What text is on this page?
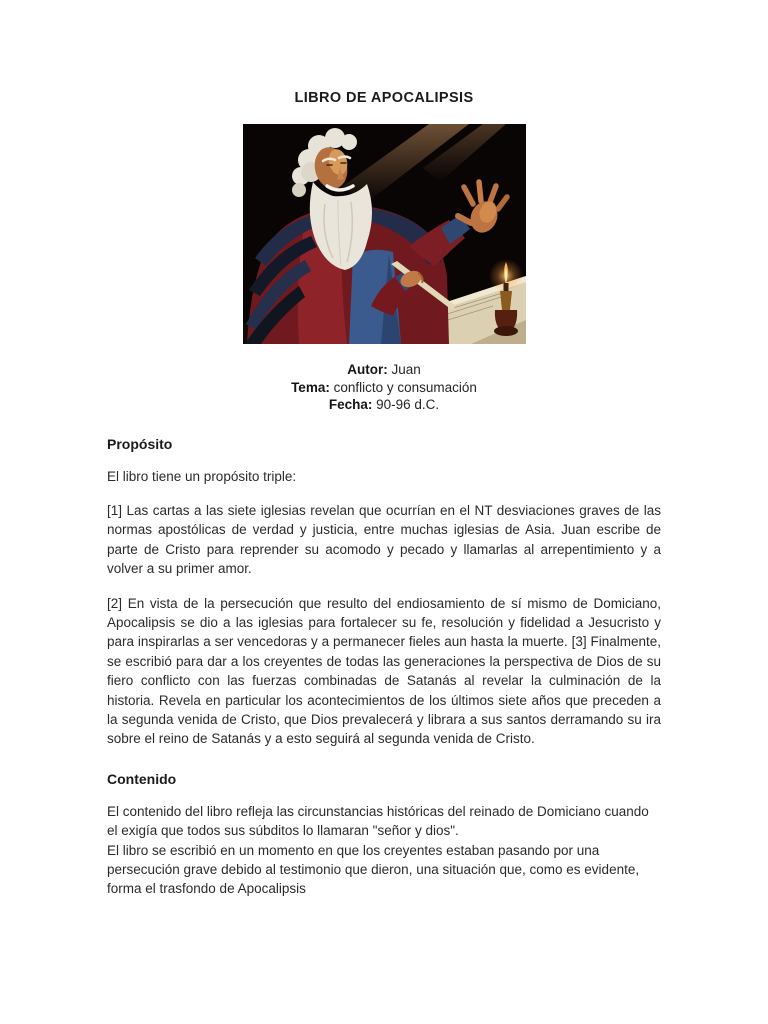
LIBRO DE APOCALIPSIS
Autor: Juan
Tema: conflicto y consumación
Fecha: 90-96 d.C.
Propósito

El libro tiene un propósito triple:

[1] Las cartas a las siete iglesias revelan que ocurrían en el NT desviaciones graves de las normas apostólicas de verdad y justicia, entre muchas iglesias de Asia. Juan escribe de parte de Cristo para reprender su acomodo y pecado y llamarlas al arrepentimiento y a volver a su primer amor.

[2] En vista de la persecución que resulto del endiosamiento de sí mismo de Domiciano, Apocalipsis se dio a las iglesias para fortalecer su fe, resolución y fidelidad a Jesucristo y para inspirarlas a ser vencedoras y a permanecer fieles aun hasta la muerte. [3] Finalmente, se escribió para dar a los creyentes de todas las generaciones la perspectiva de Dios de su fiero conflicto con las fuerzas combinadas de Satanás al revelar la culminación de la historia. Revela en particular los acontecimientos de los últimos siete años que preceden a la segunda venida de Cristo, que Dios prevalecerá y librara a sus santos derramando su ira sobre el reino de Satanás y a esto seguirá al segunda venida de Cristo.

Contenido

El contenido del libro refleja las circunstancias históricas del reinado de Domiciano cuando el exigía que todos sus súbditos lo llamaran "señor y dios".

El libro se escribió en un momento en que los creyentes estaban pasando por una persecución grave debido al testimonio que dieron, una situación que, como es evidente, forma el trasfondo de Apocalipsis
